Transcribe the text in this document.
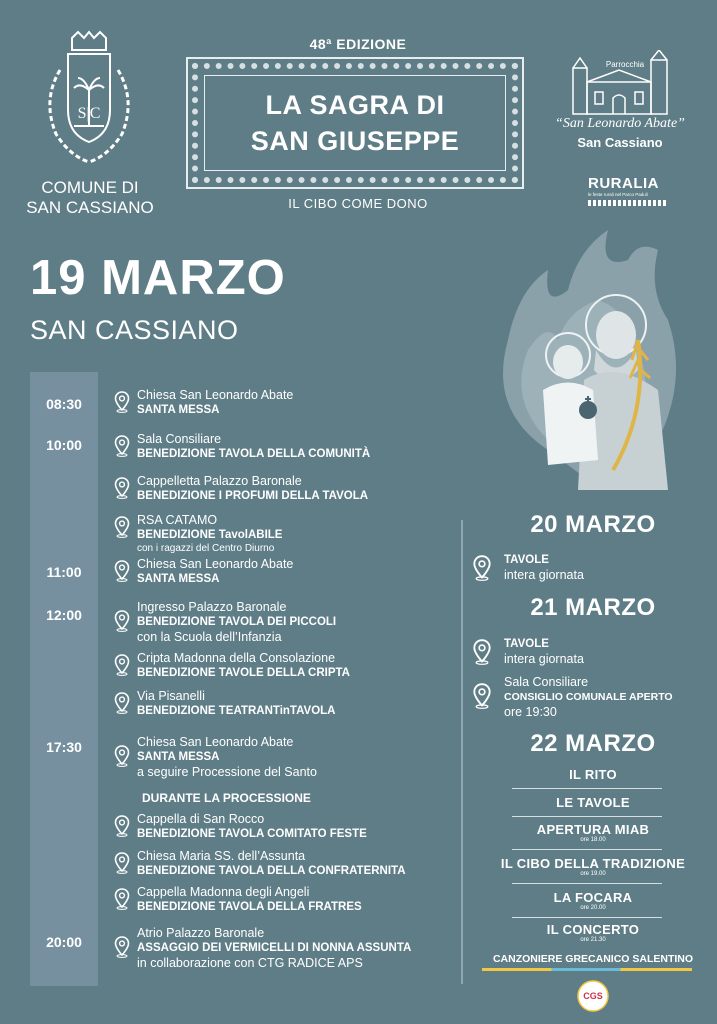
S|C
COMUNE DI
SAN CASSIANO
48ª EDIZIONE
LA SAGRA DI
SAN GIUSEPPE
IL CIBO COME DONO
Parrocchia
“San Leonardo Abate”
San Cassiano
RURALIA
le feste rurali nel Parco Paduli
19 MARZO
SAN CASSIANO
08:30
10:00
11:00
12:00
17:30
20:00
Chiesa San Leonardo Abate
SANTA MESSA
Sala Consiliare
BENEDIZIONE TAVOLA DELLA COMUNITÀ
Cappelletta Palazzo Baronale
BENEDIZIONE I PROFUMI DELLA TAVOLA
RSA CATAMO
BENEDIZIONE TavolABILE
con i ragazzi del Centro Diurno
Chiesa San Leonardo Abate
SANTA MESSA
Ingresso Palazzo Baronale
BENEDIZIONE TAVOLA DEI PICCOLI
con la Scuola dell’Infanzia
Cripta Madonna della Consolazione
BENEDIZIONE TAVOLE DELLA CRIPTA
Via Pisanelli
BENEDIZIONE TEATRANTinTAVOLA
Chiesa San Leonardo Abate
SANTA MESSA
a seguire Processione del Santo
DURANTE LA PROCESSIONE
Cappella di San Rocco
BENEDIZIONE TAVOLA COMITATO FESTE
Chiesa Maria SS. dell’Assunta
BENEDIZIONE TAVOLA DELLA CONFRATERNITA
Cappella Madonna degli Angeli
BENEDIZIONE TAVOLA DELLA FRATRES
Atrio Palazzo Baronale
ASSAGGIO DEI VERMICELLI DI NONNA ASSUNTA
in collaborazione con CTG RADICE APS
20 MARZO
TAVOLE
intera giornata
21 MARZO
TAVOLE
intera giornata
Sala Consiliare
CONSIGLIO COMUNALE APERTO
ore 19:30
22 MARZO
IL RITO
LE TAVOLE
APERTURA MIAB
ore 18.00
IL CIBO DELLA TRADIZIONE
ore 19.00
LA FOCARA
ore 20.00
IL CONCERTO
ore 21.30
CANZONIERE GRECANICO SALENTINO
CGS
